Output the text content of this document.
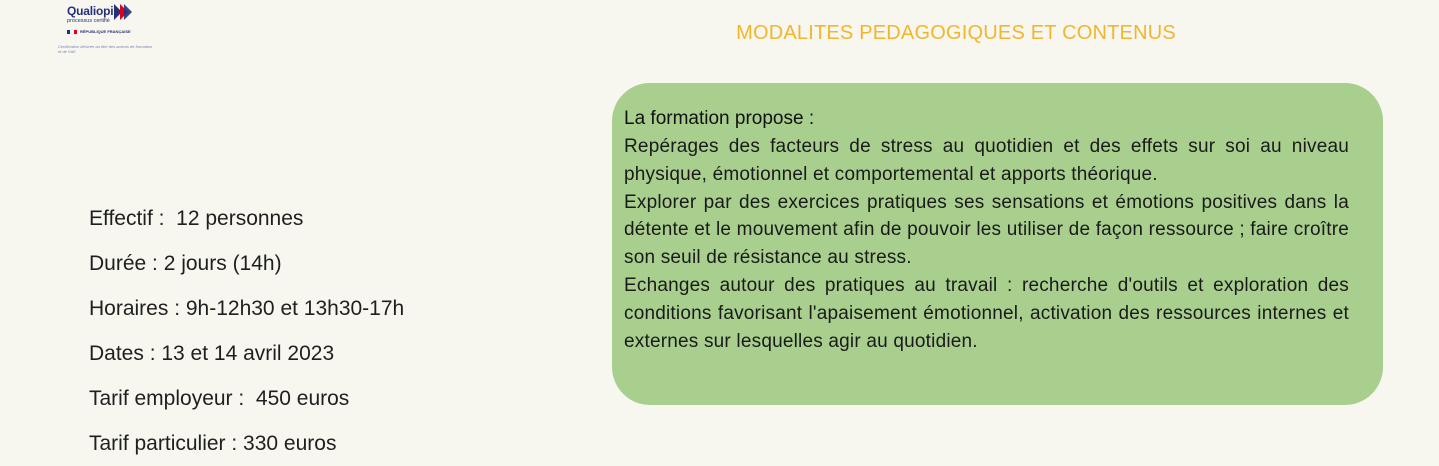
Qualiopi
processus certifié
RÉPUBLIQUE FRANÇAISE
Certification délivrée au titre des actions de formation et de VAE
MODALITES PEDAGOGIQUES ET CONTENUS
Effectif :  12 personnes
Durée : 2 jours (14h)
Horaires : 9h-12h30 et 13h30-17h
Dates : 13 et 14 avril 2023
Tarif employeur :  450 euros
Tarif particulier : 330 euros

La formation propose :

Repérages des facteurs de stress au quotidien et des effets sur soi au niveau physique, émotionnel et comportemental et apports théorique.

Explorer par des exercices pratiques ses sensations et émotions positives dans la détente et le mouvement afin de pouvoir les utiliser de façon ressource ; faire croître son seuil de résistance au stress.

Echanges autour des pratiques au travail : recherche d'outils et exploration des conditions favorisant l'apaisement émotionnel, activation des ressources internes et externes sur lesquelles agir au quotidien.
